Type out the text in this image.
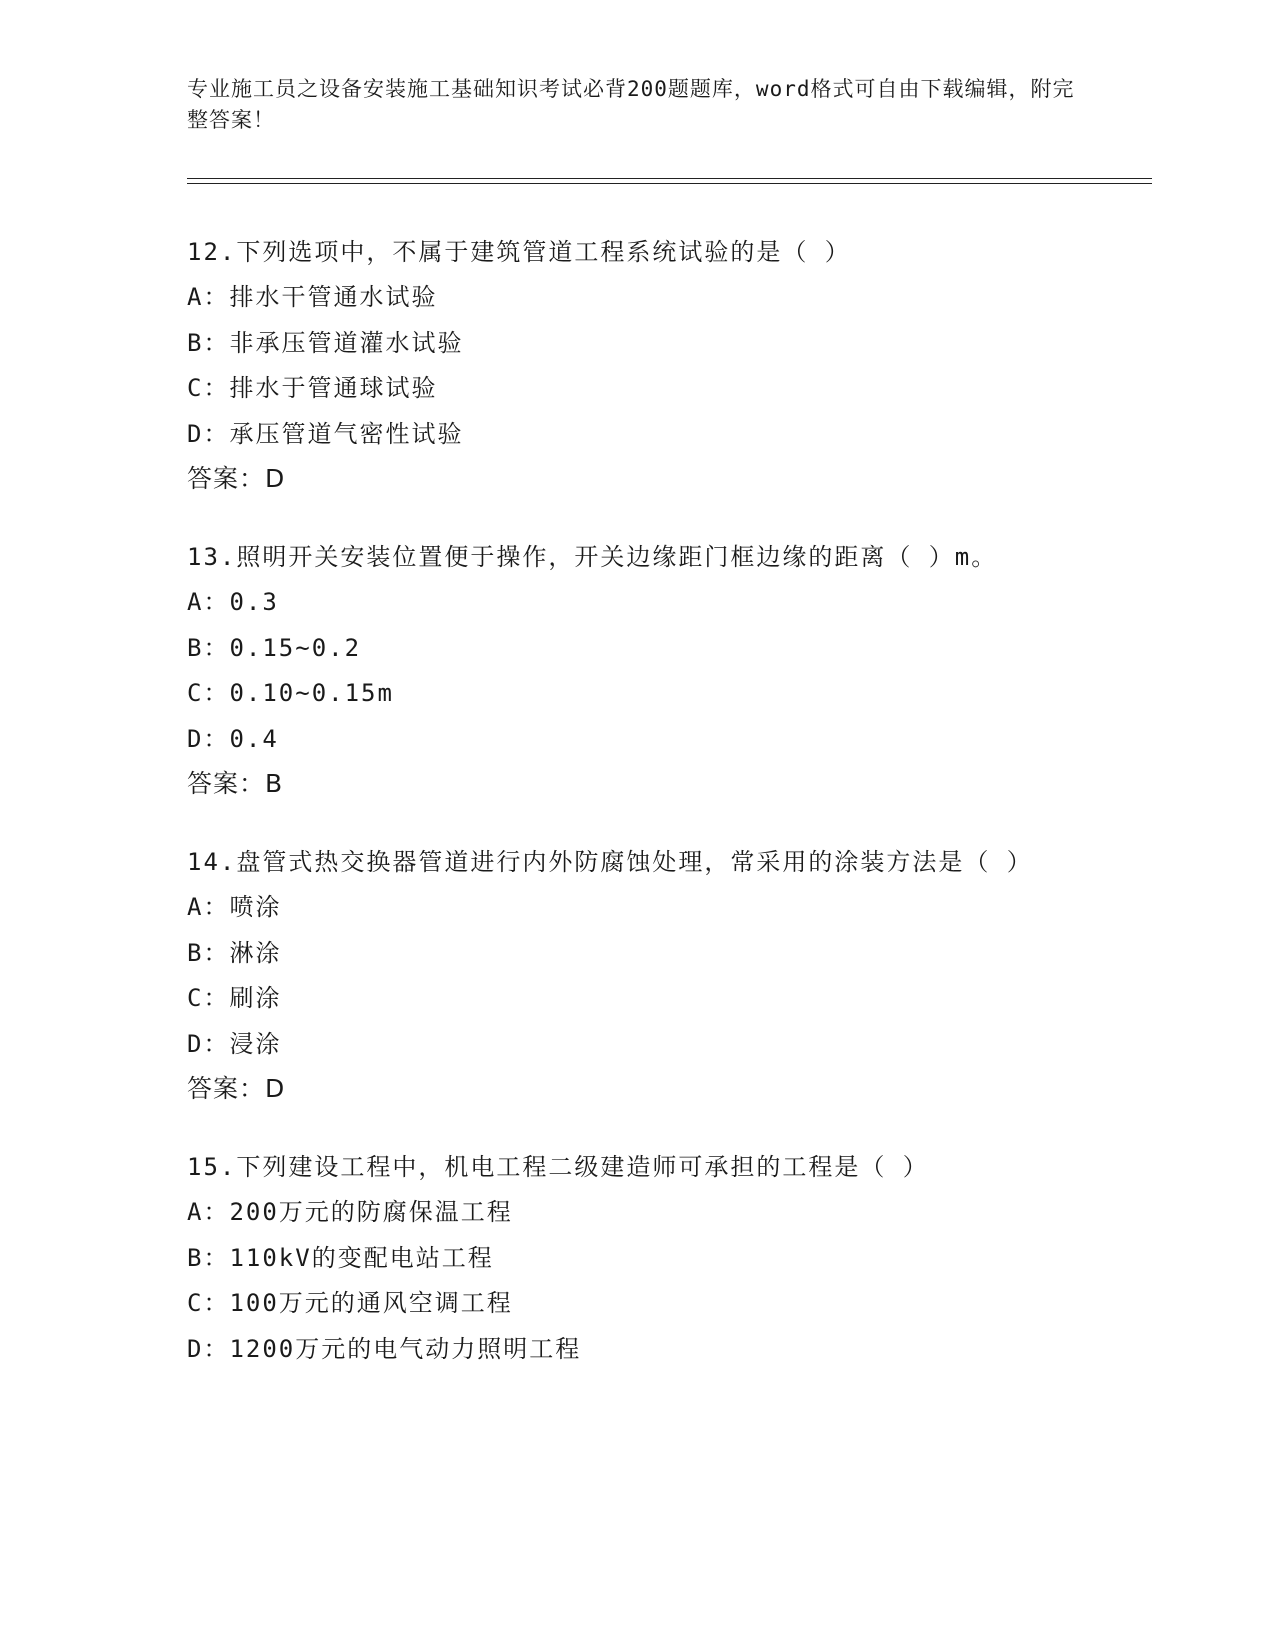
专业施工员之设备安装施工基础知识考试必背200题题库，word格式可自由下载编辑，附完整答案！

12.下列选项中，不属于建筑管道工程系统试验的是（ ）

A：排水干管通水试验

B：非承压管道灌水试验

C：排水于管通球试验

D：承压管道气密性试验

答案：D

13.照明开关安装位置便于操作，开关边缘距门框边缘的距离（ ）m。

A：0.3

B：0.15~0.2

C：0.10~0.15m

D：0.4

答案：B

14.盘管式热交换器管道进行内外防腐蚀处理，常采用的涂装方法是（ ）

A：喷涂

B：淋涂

C：刷涂

D：浸涂

答案：D

15.下列建设工程中，机电工程二级建造师可承担的工程是（ ）

A：200万元的防腐保温工程

B：110kV的变配电站工程

C：100万元的通风空调工程

D：1200万元的电气动力照明工程
